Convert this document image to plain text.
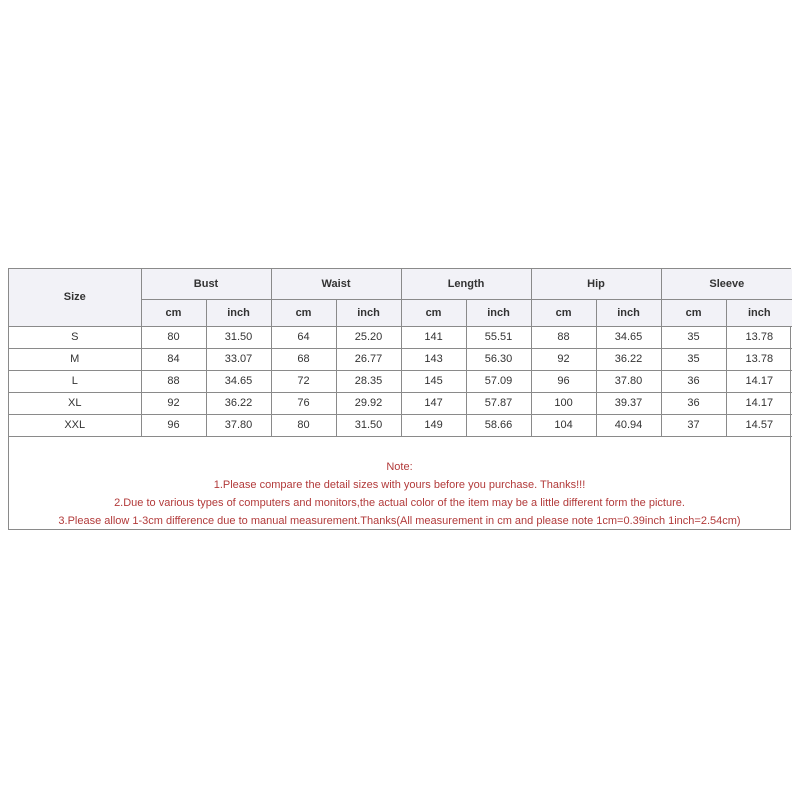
Size	Bust		Waist		Length		Hip		Sleeve	
	cm	inch	cm	inch	cm	inch	cm	inch	cm	inch
S	80	31.50	64	25.20	141	55.51	88	34.65	35	13.78
M	84	33.07	68	26.77	143	56.30	92	36.22	35	13.78
L	88	34.65	72	28.35	145	57.09	96	37.80	36	14.17
XL	92	36.22	76	29.92	147	57.87	100	39.37	36	14.17
XXL	96	37.80	80	31.50	149	58.66	104	40.94	37	14.57
Note:
1.Please compare the detail sizes with yours before you purchase. Thanks!!!
2.Due to various types of computers and monitors,the actual color of the item may be a little different form the picture.
3.Please allow 1-3cm difference due to manual measurement.Thanks(All measurement in cm and please note 1cm=0.39inch 1inch=2.54cm)
